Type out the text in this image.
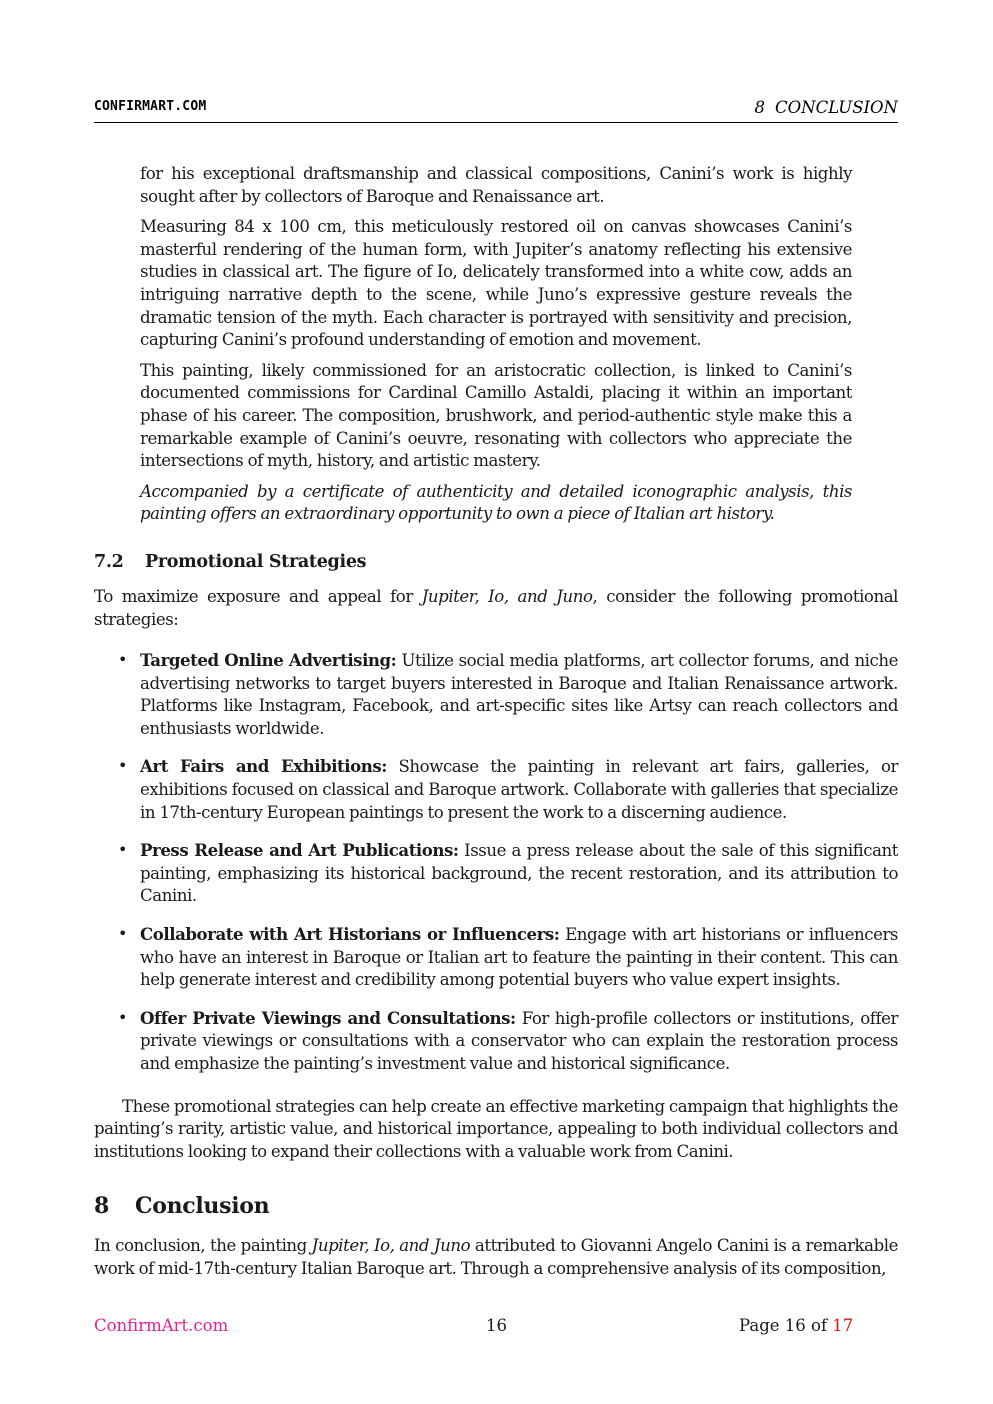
CONFIRMART.COM	8 CONCLUSION

for his exceptional draftsmanship and classical compositions, Canini’s work is highly sought after by collectors of Baroque and Renaissance art.

Measuring 84 x 100 cm, this meticulously restored oil on canvas showcases Canini’s masterful rendering of the human form, with Jupiter’s anatomy reflecting his extensive studies in classical art. The figure of Io, delicately transformed into a white cow, adds an intriguing narrative depth to the scene, while Juno’s expressive gesture reveals the dramatic tension of the myth. Each character is portrayed with sensitivity and precision, capturing Canini’s profound understanding of emotion and movement.

This painting, likely commissioned for an aristocratic collection, is linked to Canini’s documented commissions for Cardinal Camillo Astaldi, placing it within an important phase of his career. The composition, brushwork, and period-authentic style make this a remarkable example of Canini’s oeuvre, resonating with collectors who appreciate the intersections of myth, history, and artistic mastery.

Accompanied by a certificate of authenticity and detailed iconographic analysis, this painting offers an extraordinary opportunity to own a piece of Italian art history.

7.2 Promotional Strategies

To maximize exposure and appeal for Jupiter, Io, and Juno, consider the following promotional strategies:

• Targeted Online Advertising: Utilize social media platforms, art collector forums, and niche advertising networks to target buyers interested in Baroque and Italian Renaissance artwork. Platforms like Instagram, Facebook, and art-specific sites like Artsy can reach collectors and enthusiasts worldwide.
• Art Fairs and Exhibitions: Showcase the painting in relevant art fairs, galleries, or exhibitions focused on classical and Baroque artwork. Collaborate with galleries that specialize in 17th-century European paintings to present the work to a discerning audience.
• Press Release and Art Publications: Issue a press release about the sale of this significant painting, emphasizing its historical background, the recent restoration, and its attribution to Canini.
• Collaborate with Art Historians or Influencers: Engage with art historians or influencers who have an interest in Baroque or Italian art to feature the painting in their content. This can help generate interest and credibility among potential buyers who value expert insights.
• Offer Private Viewings and Consultations: For high-profile collectors or institutions, offer private viewings or consultations with a conservator who can explain the restoration process and emphasize the painting’s investment value and historical significance.

These promotional strategies can help create an effective marketing campaign that highlights the painting’s rarity, artistic value, and historical importance, appealing to both individual collectors and institutions looking to expand their collections with a valuable work from Canini.

8 Conclusion

In conclusion, the painting Jupiter, Io, and Juno attributed to Giovanni Angelo Canini is a remarkable work of mid-17th-century Italian Baroque art. Through a comprehensive analysis of its composition,

ConfirmArt.com	16	Page 16 of 17
